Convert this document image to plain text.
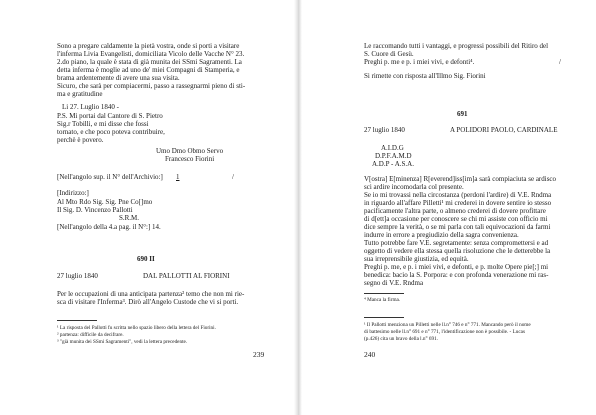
Sono a pregare caldamente la pietà vostra, onde si porti a visitare
l'inferma Livia Evangelisti, domiciliata Vicolo delle Vacche N° 23.
2.do piano, la quale è stata di già munita dei SSmi Sagramenti. La
detta inferma è moglie ad uno de' miei Compagni di Stamperia, e
brama ardentemente di avere una sua visita.
Sicuro, che sarà per compiacermi, passo a rassegnarmi pieno di sti-
ma e gratitudine
Li 27. Luglio 1840 -
P.S. Mi portai dal Cantore di S. Pietro
Sig.r Tobilli, e mi disse che fossi
tornato, e che poco poteva contribuire,
perchè è povero.
Umo Dmo Obmo Servo
Francesco Fiorini
[Nell'angolo sup. il N° dell'Archivio:] 1	/
[Indirizzo:]
Al Mto Rdo Sig. Sig. Pne Co[]mo
Il Sig. D. Vincenzo Pallotti
S.R.M.
[Nell'angolo della 4.a pag. il N°:] 14.
690 II
27 luglio 1840	DAL PALLOTTI AL FIORINI
Per le occupazioni di una anticipata partenza² temo che non mi rie-
sca di visitare l'Inferma³. Dirò all'Angelo Custode che vi si porti.
¹ La risposta del Pallotti fu scritta nello spazio libero della lettera del Fiorini.
² partenza: difficile da decifrare.
³ "già munita dei SSmi Sagramenti", vedi la lettera precedente.
239
Le raccomando tutti i vantaggi, e progressi possibili del Ritiro del
S. Cuore di Gesù.
Preghi p. me e p. i miei vivi, e defonti⁴.	/
Si rimette con risposta all'Illmo Sig. Fiorini
691
27 luglio 1840	A POLIDORI PAOLO, CARDINALE
A.I.D.G
D.P.F.A.M.D
A.D.P - A.S.A.
V[ostra] E[minenza] R[everend]iss[im]a sarà compiaciuta se ardisco
sci ardire incomodarla col presente.
Se io mi trovassi nella circostanza (perdoni l'ardire) di V.E. Rndma
in riguardo all'affare Pilletti¹ mi crederei in dovere sentire io stesso
pacificamente l'altra parte, o almeno crederei di dovere profittare
di d[ett]a occasione per conoscere se chi mi assiste con officio mi
dice sempre la verità, o se mi parla con tali equivocazioni da farmi
indurre in errore a pregiudizio della sagra convenienza.
Tutto potrebbe fare V.E. segretamente: senza compromettersi e ad
oggetto di vedere ella stessa quella risoluzione che le detterebbe la
sua irreprensibile giustizia, ed equità.
Preghi p. me, e p. i miei vivi, e defonti, e p. molte Opere pie[;] mi
benedica: bacio la S. Porpora: e con profonda venerazione mi ras-
segno di V.E. Rndma
⁴ Manca la firma.
¹ Il Pallotti menziona un Pilletti nelle ll.n° 746 e n° 771. Mancando però il nome
di battesimo nelle ll.n° 691 e n° 771, l'identificazione non è possibile. - Lucas
(p.426) cita un bravo della l.n° 691.
240
